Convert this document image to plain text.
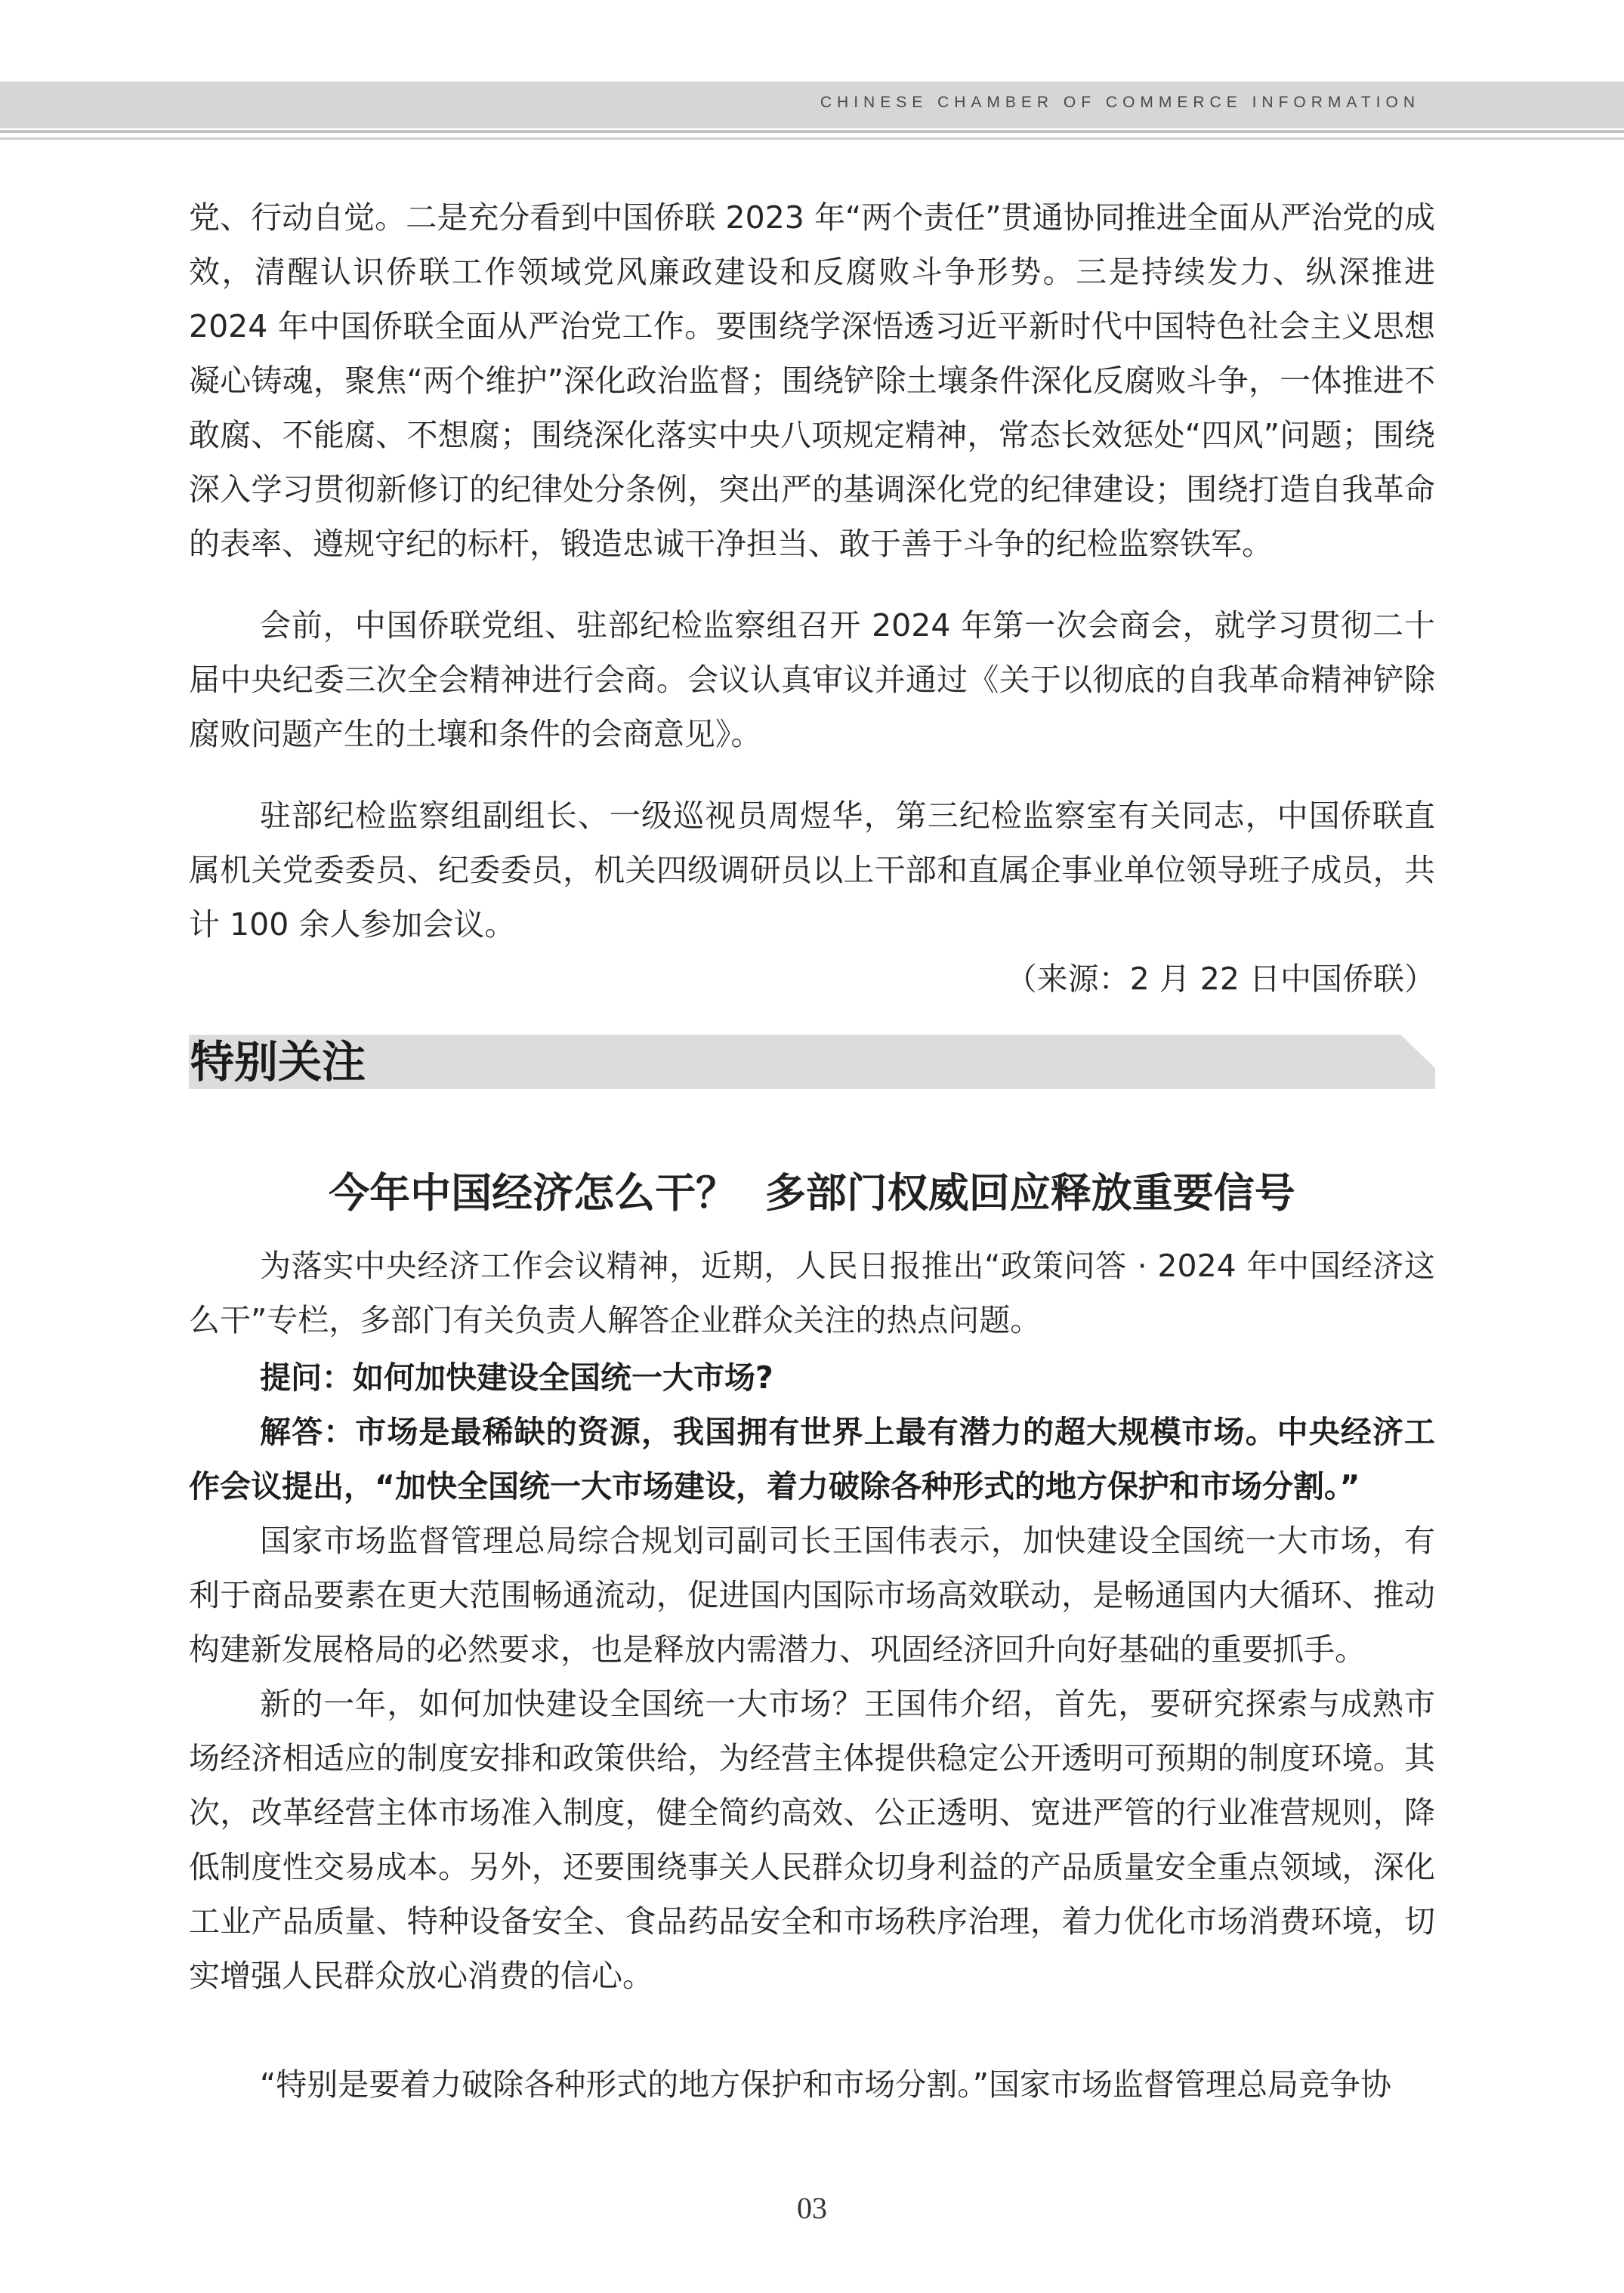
CHINESE CHAMBER OF COMMERCE INFORMATION

党、行动自觉。二是充分看到中国侨联 2023 年“两个责任”贯通协同推进全面从严治党的成效，清醒认识侨联工作领域党风廉政建设和反腐败斗争形势。三是持续发力、纵深推进 2024 年中国侨联全面从严治党工作。要围绕学深悟透习近平新时代中国特色社会主义思想凝心铸魂，聚焦“两个维护”深化政治监督；围绕铲除土壤条件深化反腐败斗争，一体推进不敢腐、不能腐、不想腐；围绕深化落实中央八项规定精神，常态长效惩处“四风”问题；围绕深入学习贯彻新修订的纪律处分条例，突出严的基调深化党的纪律建设；围绕打造自我革命的表率、遵规守纪的标杆，锻造忠诚干净担当、敢于善于斗争的纪检监察铁军。

会前，中国侨联党组、驻部纪检监察组召开 2024 年第一次会商会，就学习贯彻二十届中央纪委三次全会精神进行会商。会议认真审议并通过《关于以彻底的自我革命精神铲除腐败问题产生的土壤和条件的会商意见》。

驻部纪检监察组副组长、一级巡视员周煜华，第三纪检监察室有关同志，中国侨联直属机关党委委员、纪委委员，机关四级调研员以上干部和直属企事业单位领导班子成员，共计 100 余人参加会议。
（来源：2 月 22 日中国侨联）

特别关注
今年中国经济怎么干？  多部门权威回应释放重要信号

为落实中央经济工作会议精神，近期，人民日报推出“政策问答 · 2024 年中国经济这么干”专栏，多部门有关负责人解答企业群众关注的热点问题。

提问：如何加快建设全国统一大市场?

解答：市场是最稀缺的资源，我国拥有世界上最有潜力的超大规模市场。中央经济工作会议提出，“加快全国统一大市场建设，着力破除各种形式的地方保护和市场分割。”

国家市场监督管理总局综合规划司副司长王国伟表示，加快建设全国统一大市场，有利于商品要素在更大范围畅通流动，促进国内国际市场高效联动，是畅通国内大循环、推动构建新发展格局的必然要求，也是释放内需潜力、巩固经济回升向好基础的重要抓手。

新的一年，如何加快建设全国统一大市场？王国伟介绍，首先，要研究探索与成熟市场经济相适应的制度安排和政策供给，为经营主体提供稳定公开透明可预期的制度环境。其次，改革经营主体市场准入制度，健全简约高效、公正透明、宽进严管的行业准营规则，降低制度性交易成本。另外，还要围绕事关人民群众切身利益的产品质量安全重点领域，深化工业产品质量、特种设备安全、食品药品安全和市场秩序治理，着力优化市场消费环境，切实增强人民群众放心消费的信心。

“特别是要着力破除各种形式的地方保护和市场分割。”国家市场监督管理总局竞争协

03
